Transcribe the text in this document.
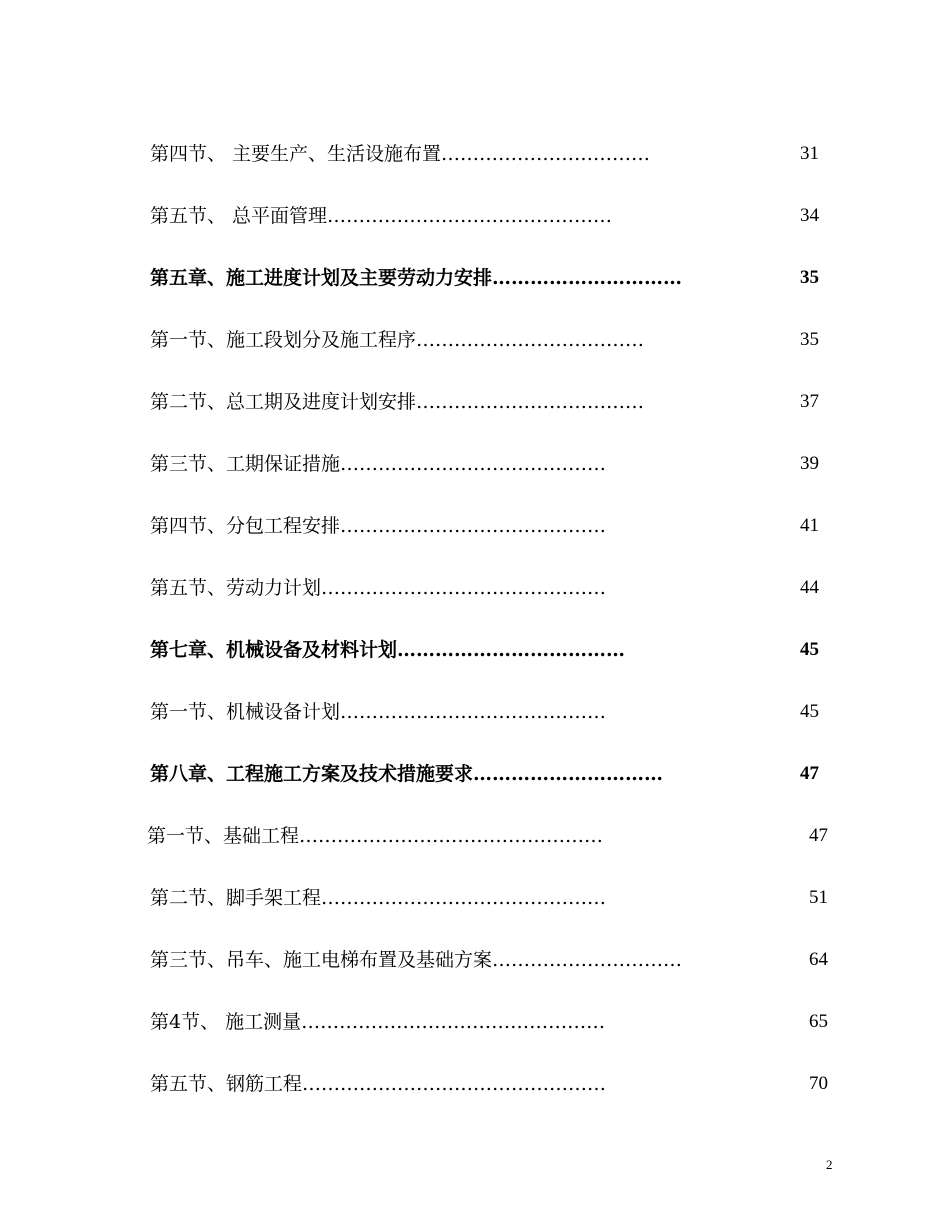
第四节、 主要生产、生活设施布置……………………………	31
第五节、 总平面管理………………………………………	34
第五章、施工进度计划及主要劳动力安排…………………………	35
第一节、施工段划分及施工程序………………………………	35
第二节、总工期及进度计划安排………………………………	37
第三节、工期保证措施……………………………………	39
第四节、分包工程安排……………………………………	41
第五节、劳动力计划………………………………………	44
第七章、机械设备及材料计划………………………………	45
第一节、机械设备计划……………………………………	45
第八章、工程施工方案及技术措施要求…………………………	47
第一节、基础工程…………………………………………	47
第二节、脚手架工程………………………………………	51
第三节、吊车、施工电梯布置及基础方案…………………………	64
第4节、 施工测量…………………………………………	65
第五节、钢筋工程…………………………………………	70
2
